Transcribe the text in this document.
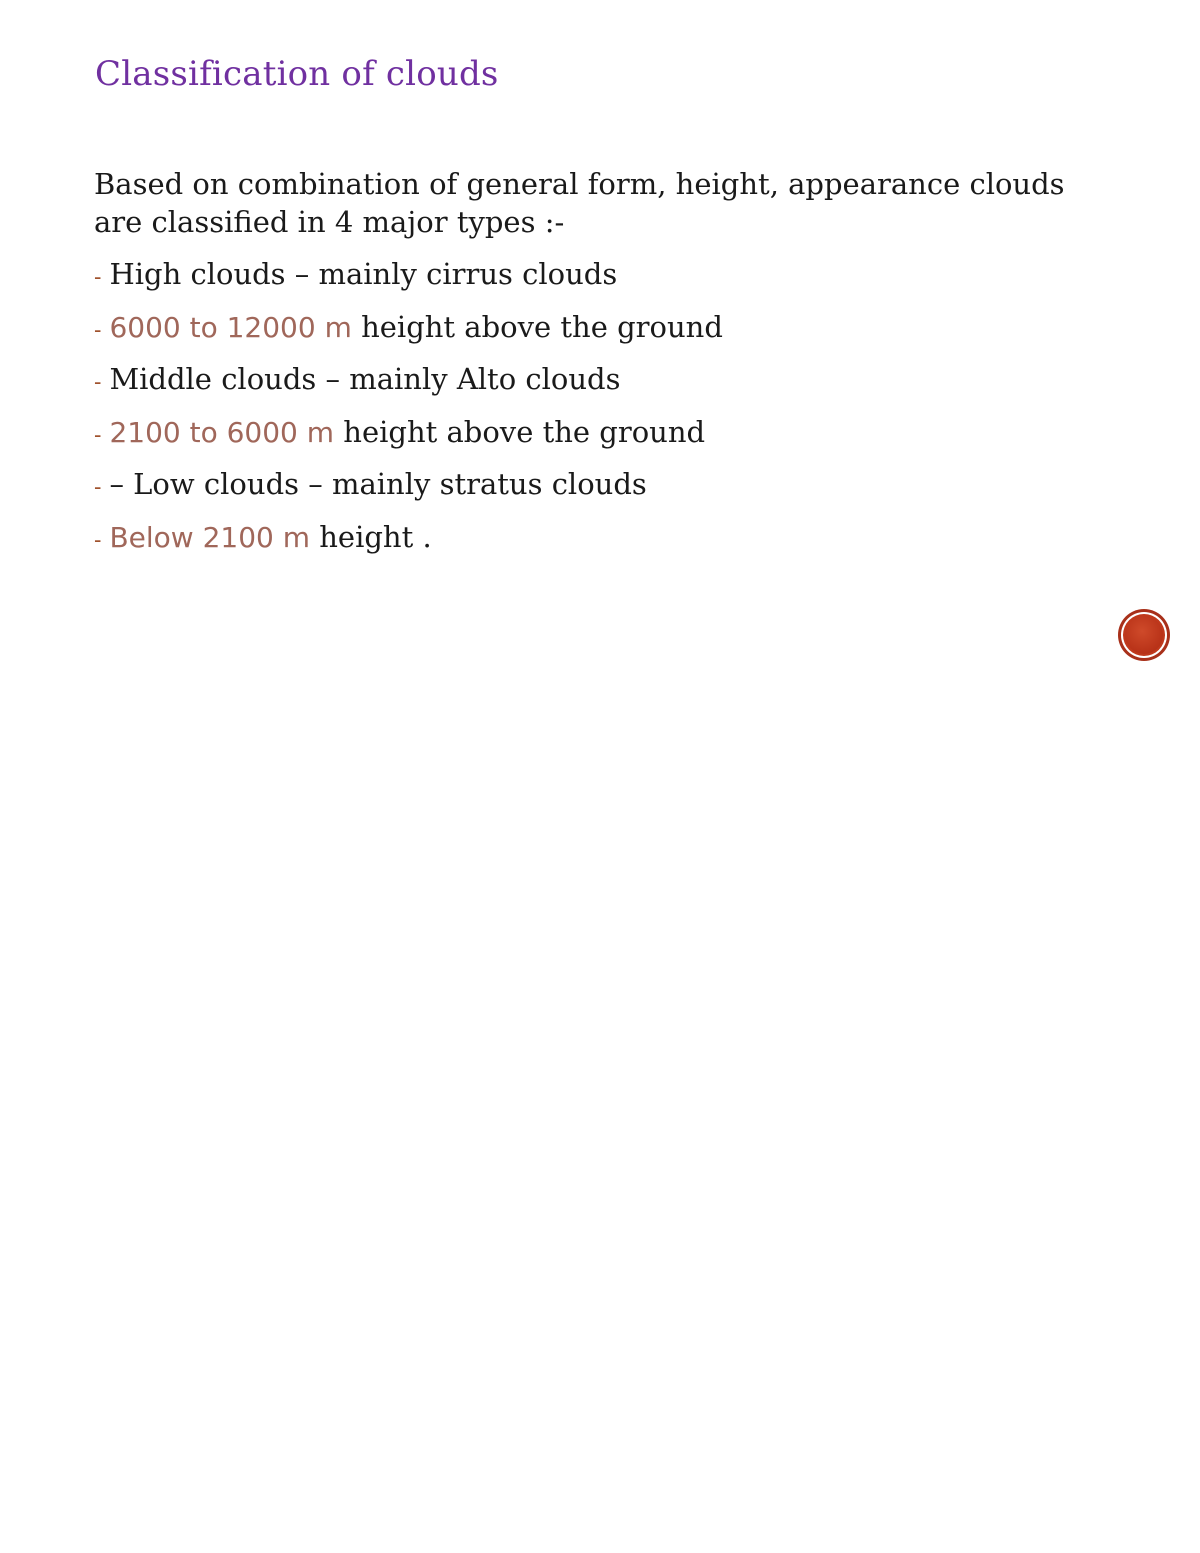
Classification of clouds

Based on combination of general form, height, appearance clouds are classified in 4 major types :-

- High clouds – mainly cirrus clouds
- 6000 to 12000 m height above the ground
- Middle clouds – mainly Alto clouds
- 2100 to 6000 m height above the ground
- – Low clouds – mainly stratus clouds
- Below 2100 m height .
